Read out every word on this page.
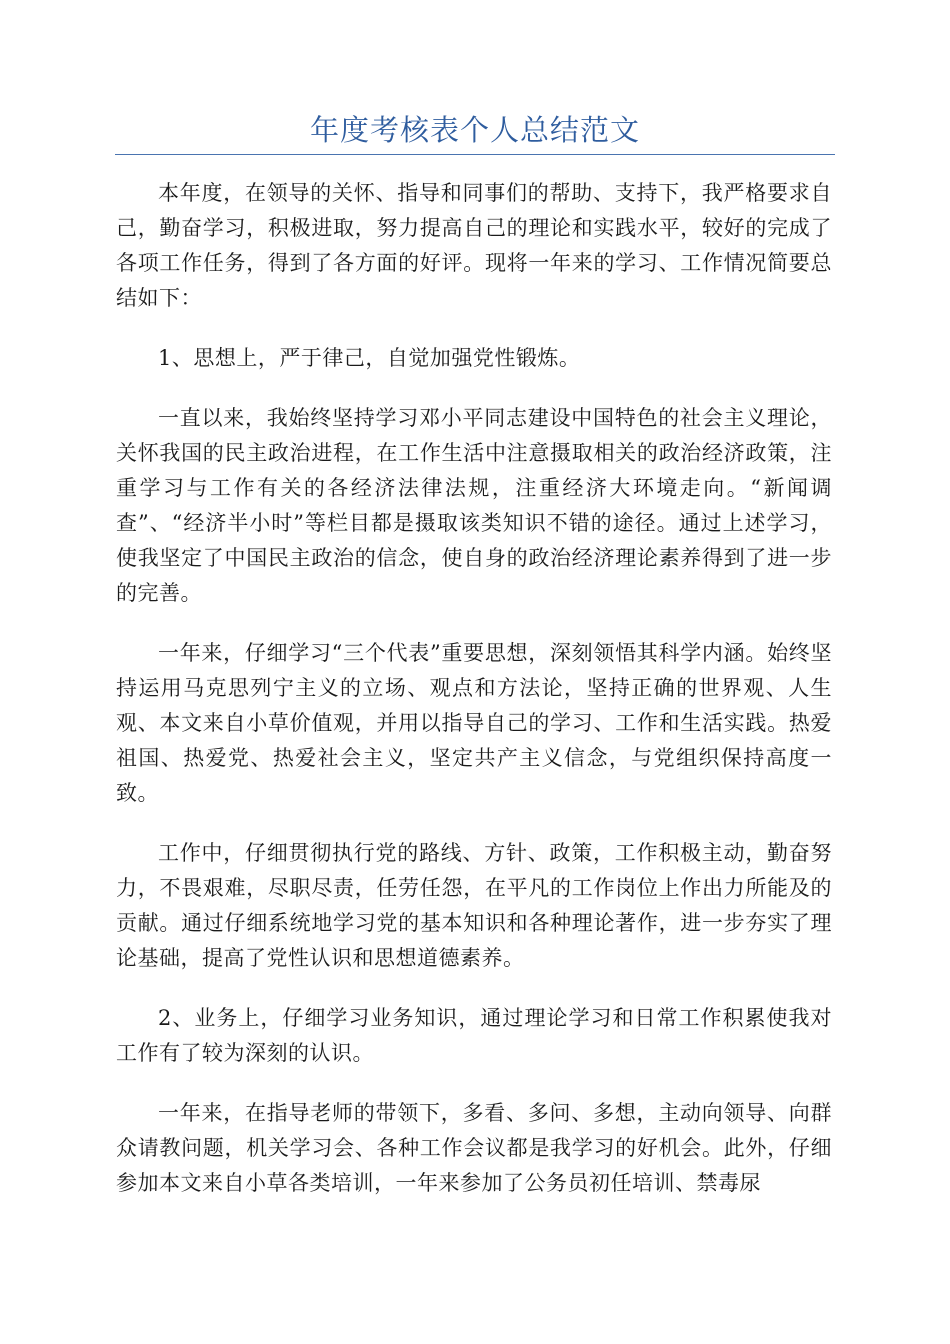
年度考核表个人总结范文

本年度，在领导的关怀、指导和同事们的帮助、支持下，我严格要求自己，勤奋学习，积极进取，努力提高自己的理论和实践水平，较好的完成了各项工作任务，得到了各方面的好评。现将一年来的学习、工作情况简要总结如下：

1、思想上，严于律己，自觉加强党性锻炼。

一直以来，我始终坚持学习邓小平同志建设中国特色的社会主义理论，关怀我国的民主政治进程，在工作生活中注意摄取相关的政治经济政策，注重学习与工作有关的各经济法律法规，注重经济大环境走向。“新闻调查”、“经济半小时”等栏目都是摄取该类知识不错的途径。通过上述学习，使我坚定了中国民主政治的信念，使自身的政治经济理论素养得到了进一步的完善。

一年来，仔细学习“三个代表”重要思想，深刻领悟其科学内涵。始终坚持运用马克思列宁主义的立场、观点和方法论，坚持正确的世界观、人生观、本文来自小草价值观，并用以指导自己的学习、工作和生活实践。热爱祖国、热爱党、热爱社会主义，坚定共产主义信念，与党组织保持高度一致。

工作中，仔细贯彻执行党的路线、方针、政策，工作积极主动，勤奋努力，不畏艰难，尽职尽责，任劳任怨，在平凡的工作岗位上作出力所能及的贡献。通过仔细系统地学习党的基本知识和各种理论著作，进一步夯实了理论基础，提高了党性认识和思想道德素养。

2、业务上，仔细学习业务知识，通过理论学习和日常工作积累使我对工作有了较为深刻的认识。

一年来，在指导老师的带领下，多看、多问、多想，主动向领导、向群众请教问题，机关学习会、各种工作会议都是我学习的好机会。此外，仔细参加本文来自小草各类培训，一年来参加了公务员初任培训、禁毒尿
